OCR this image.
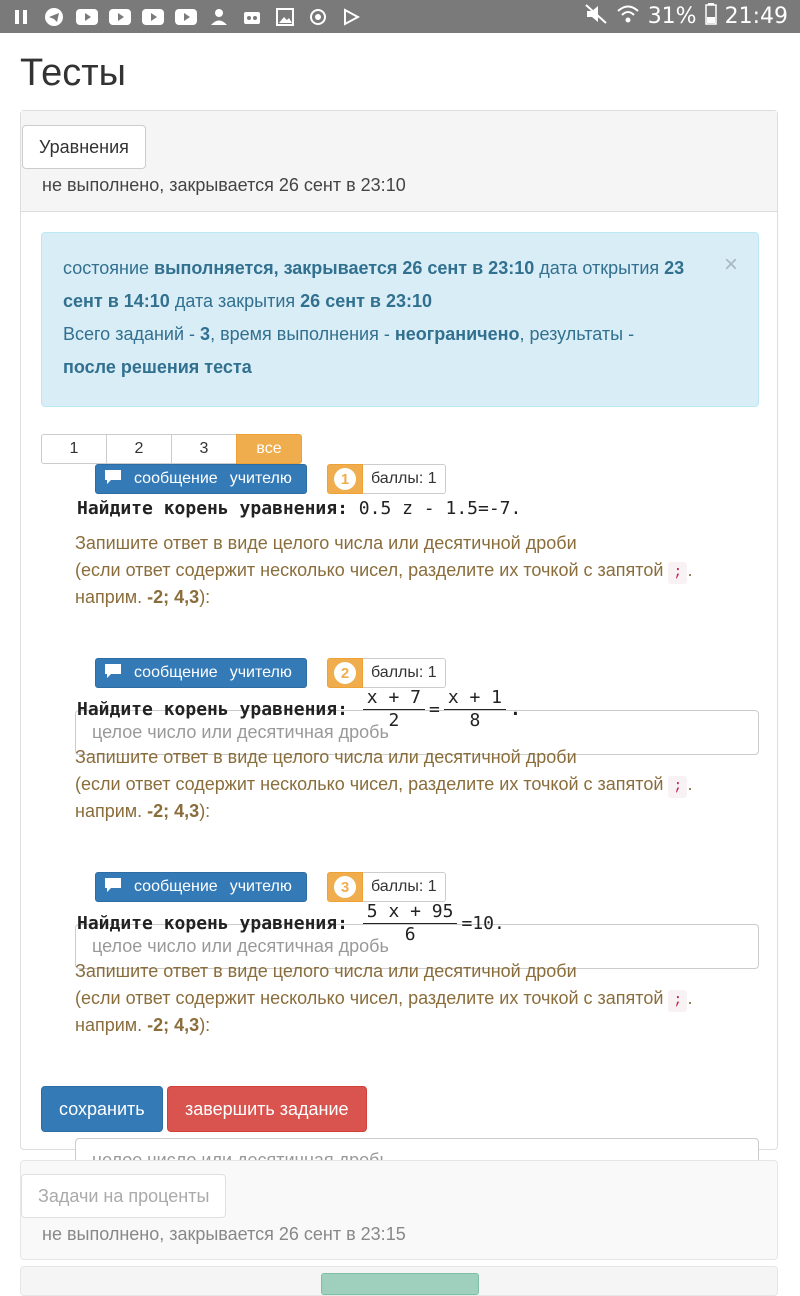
31% 21:49
Тесты
Уравнения
не выполнено, закрывается 26 сент в 23:10
×
состояние выполняется, закрывается 26 сент в 23:10 дата открытия 23 сент в 14:10 дата закрытия 26 сент в 23:10
Всего заданий - 3, время выполнения - неограничено, результаты -
после решения теста
1	2	3	все
сообщение учителю	1	баллы: 1
Найдите корень уравнения:
0.5 z - 1.5=-7.
Запишите ответ в виде целого числа или десятичной дроби
(если ответ содержит несколько чисел, разделите их точкой с запятой ; .
наприм. -2; 4,3):
целое число или десятичная дробь
сообщение учителю	2	баллы: 1
Найдите корень уравнения:
$\frac{x + 7}{2} = \frac{x + 1}{8}$ .
Запишите ответ в виде целого числа или десятичной дроби
(если ответ содержит несколько чисел, разделите их точкой с запятой ; .
наприм. -2; 4,3):
целое число или десятичная дробь
сообщение учителю	3	баллы: 1
Найдите корень уравнения:
$\frac{5 x + 95}{6} =10$.
Запишите ответ в виде целого числа или десятичной дроби
(если ответ содержит несколько чисел, разделите их точкой с запятой ; .
наприм. -2; 4,3):
целое число или десятичная дробь
сохранить	завершить задание
Задачи на проценты
не выполнено, закрывается 26 сент в 23:15
